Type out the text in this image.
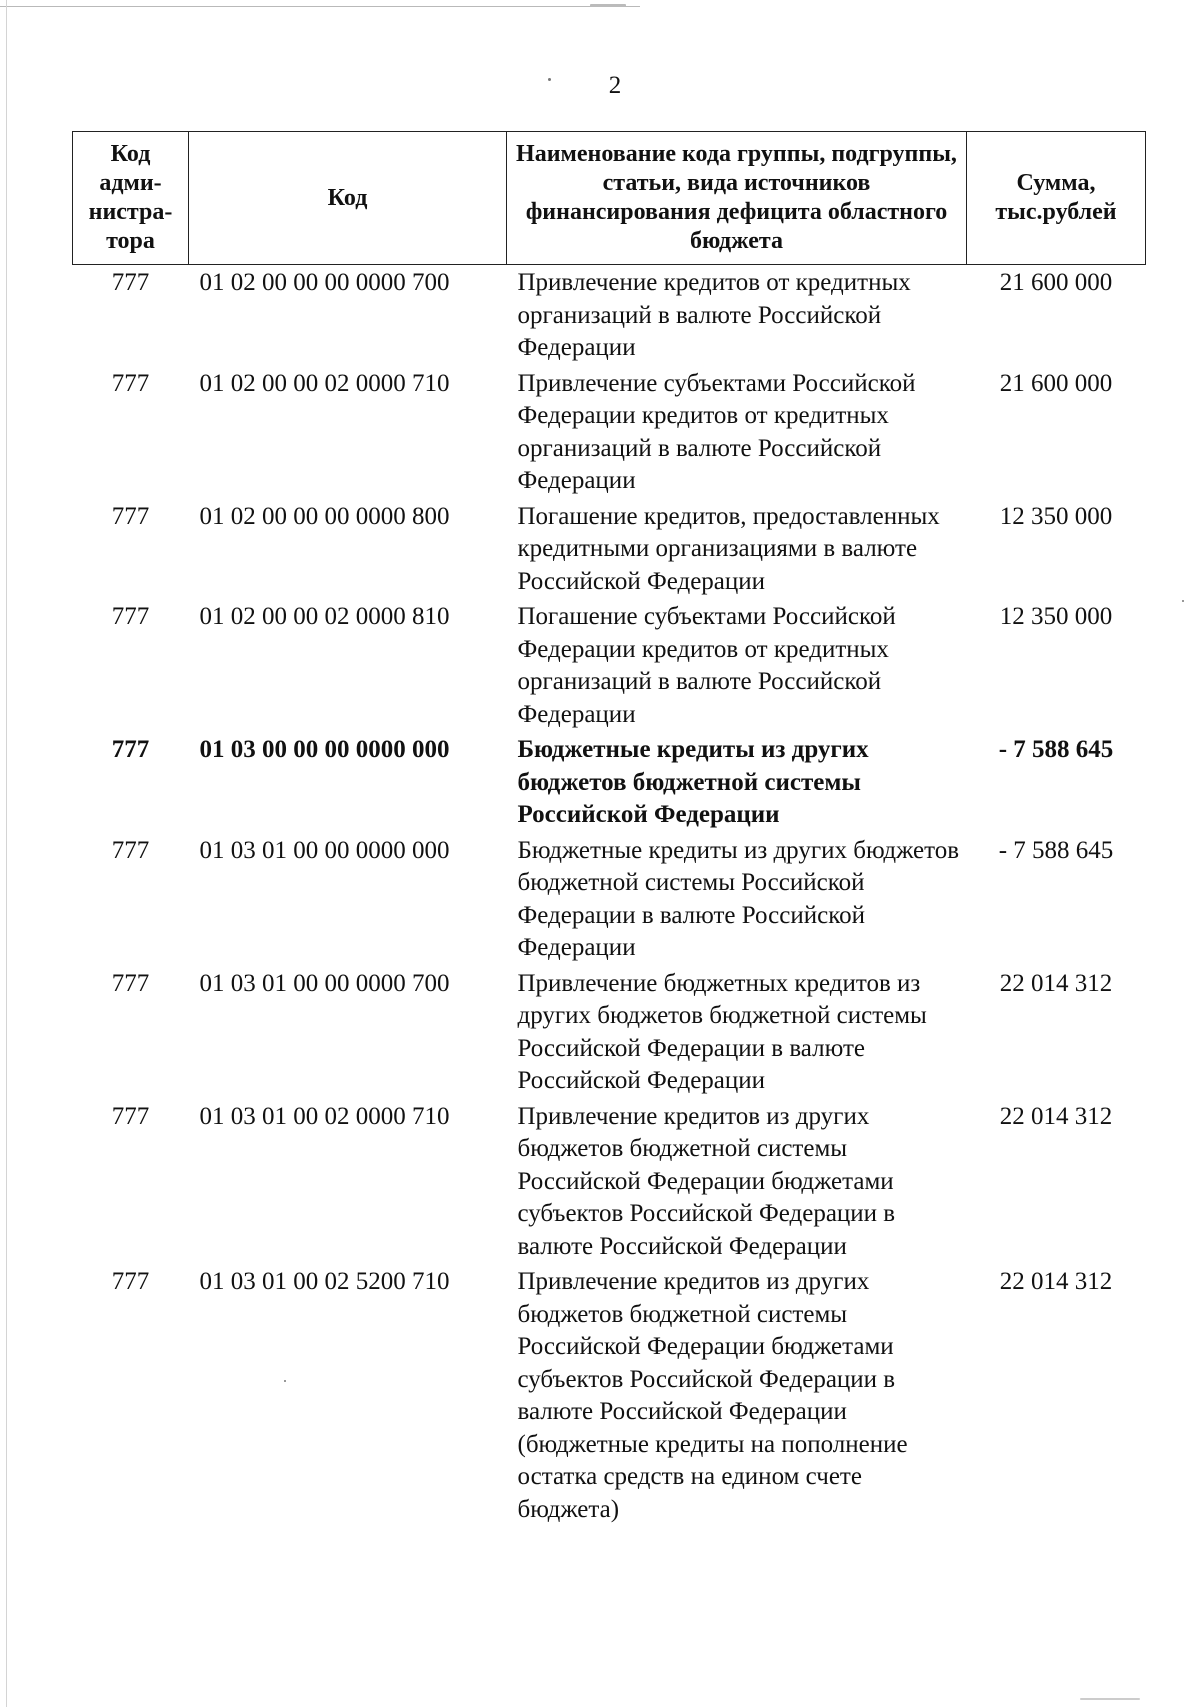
2
Код адми-нистра-тора	Код	Наименование кода группы, подгруппы, статьи, вида источников финансирования дефицита областного бюджета	Сумма, тыс.рублей
777	01 02 00 00 00 0000 700	Привлечение кредитов от кредитных организаций в валюте Российской Федерации	21 600 000
777	01 02 00 00 02 0000 710	Привлечение субъектами Российской Федерации кредитов от кредитных организаций в валюте Российской Федерации	21 600 000
777	01 02 00 00 00 0000 800	Погашение кредитов, предоставленных кредитными организациями в валюте Российской Федерации	12 350 000
777	01 02 00 00 02 0000 810	Погашение субъектами Российской Федерации кредитов от кредитных организаций в валюте Российской Федерации	12 350 000
777	01 03 00 00 00 0000 000	Бюджетные кредиты из других бюджетов бюджетной системы Российской Федерации	- 7 588 645
777	01 03 01 00 00 0000 000	Бюджетные кредиты из других бюджетов бюджетной системы Российской Федерации в валюте Российской Федерации	- 7 588 645
777	01 03 01 00 00 0000 700	Привлечение бюджетных кредитов из других бюджетов бюджетной системы Российской Федерации в валюте Российской Федерации	22 014 312
777	01 03 01 00 02 0000 710	Привлечение кредитов из других бюджетов бюджетной системы Российской Федерации бюджетами субъектов Российской Федерации в валюте Российской Федерации	22 014 312
777	01 03 01 00 02 5200 710	Привлечение кредитов из других бюджетов бюджетной системы Российской Федерации бюджетами субъектов Российской Федерации в валюте Российской Федерации (бюджетные кредиты на пополнение остатка средств на едином счете бюджета)	22 014 312
